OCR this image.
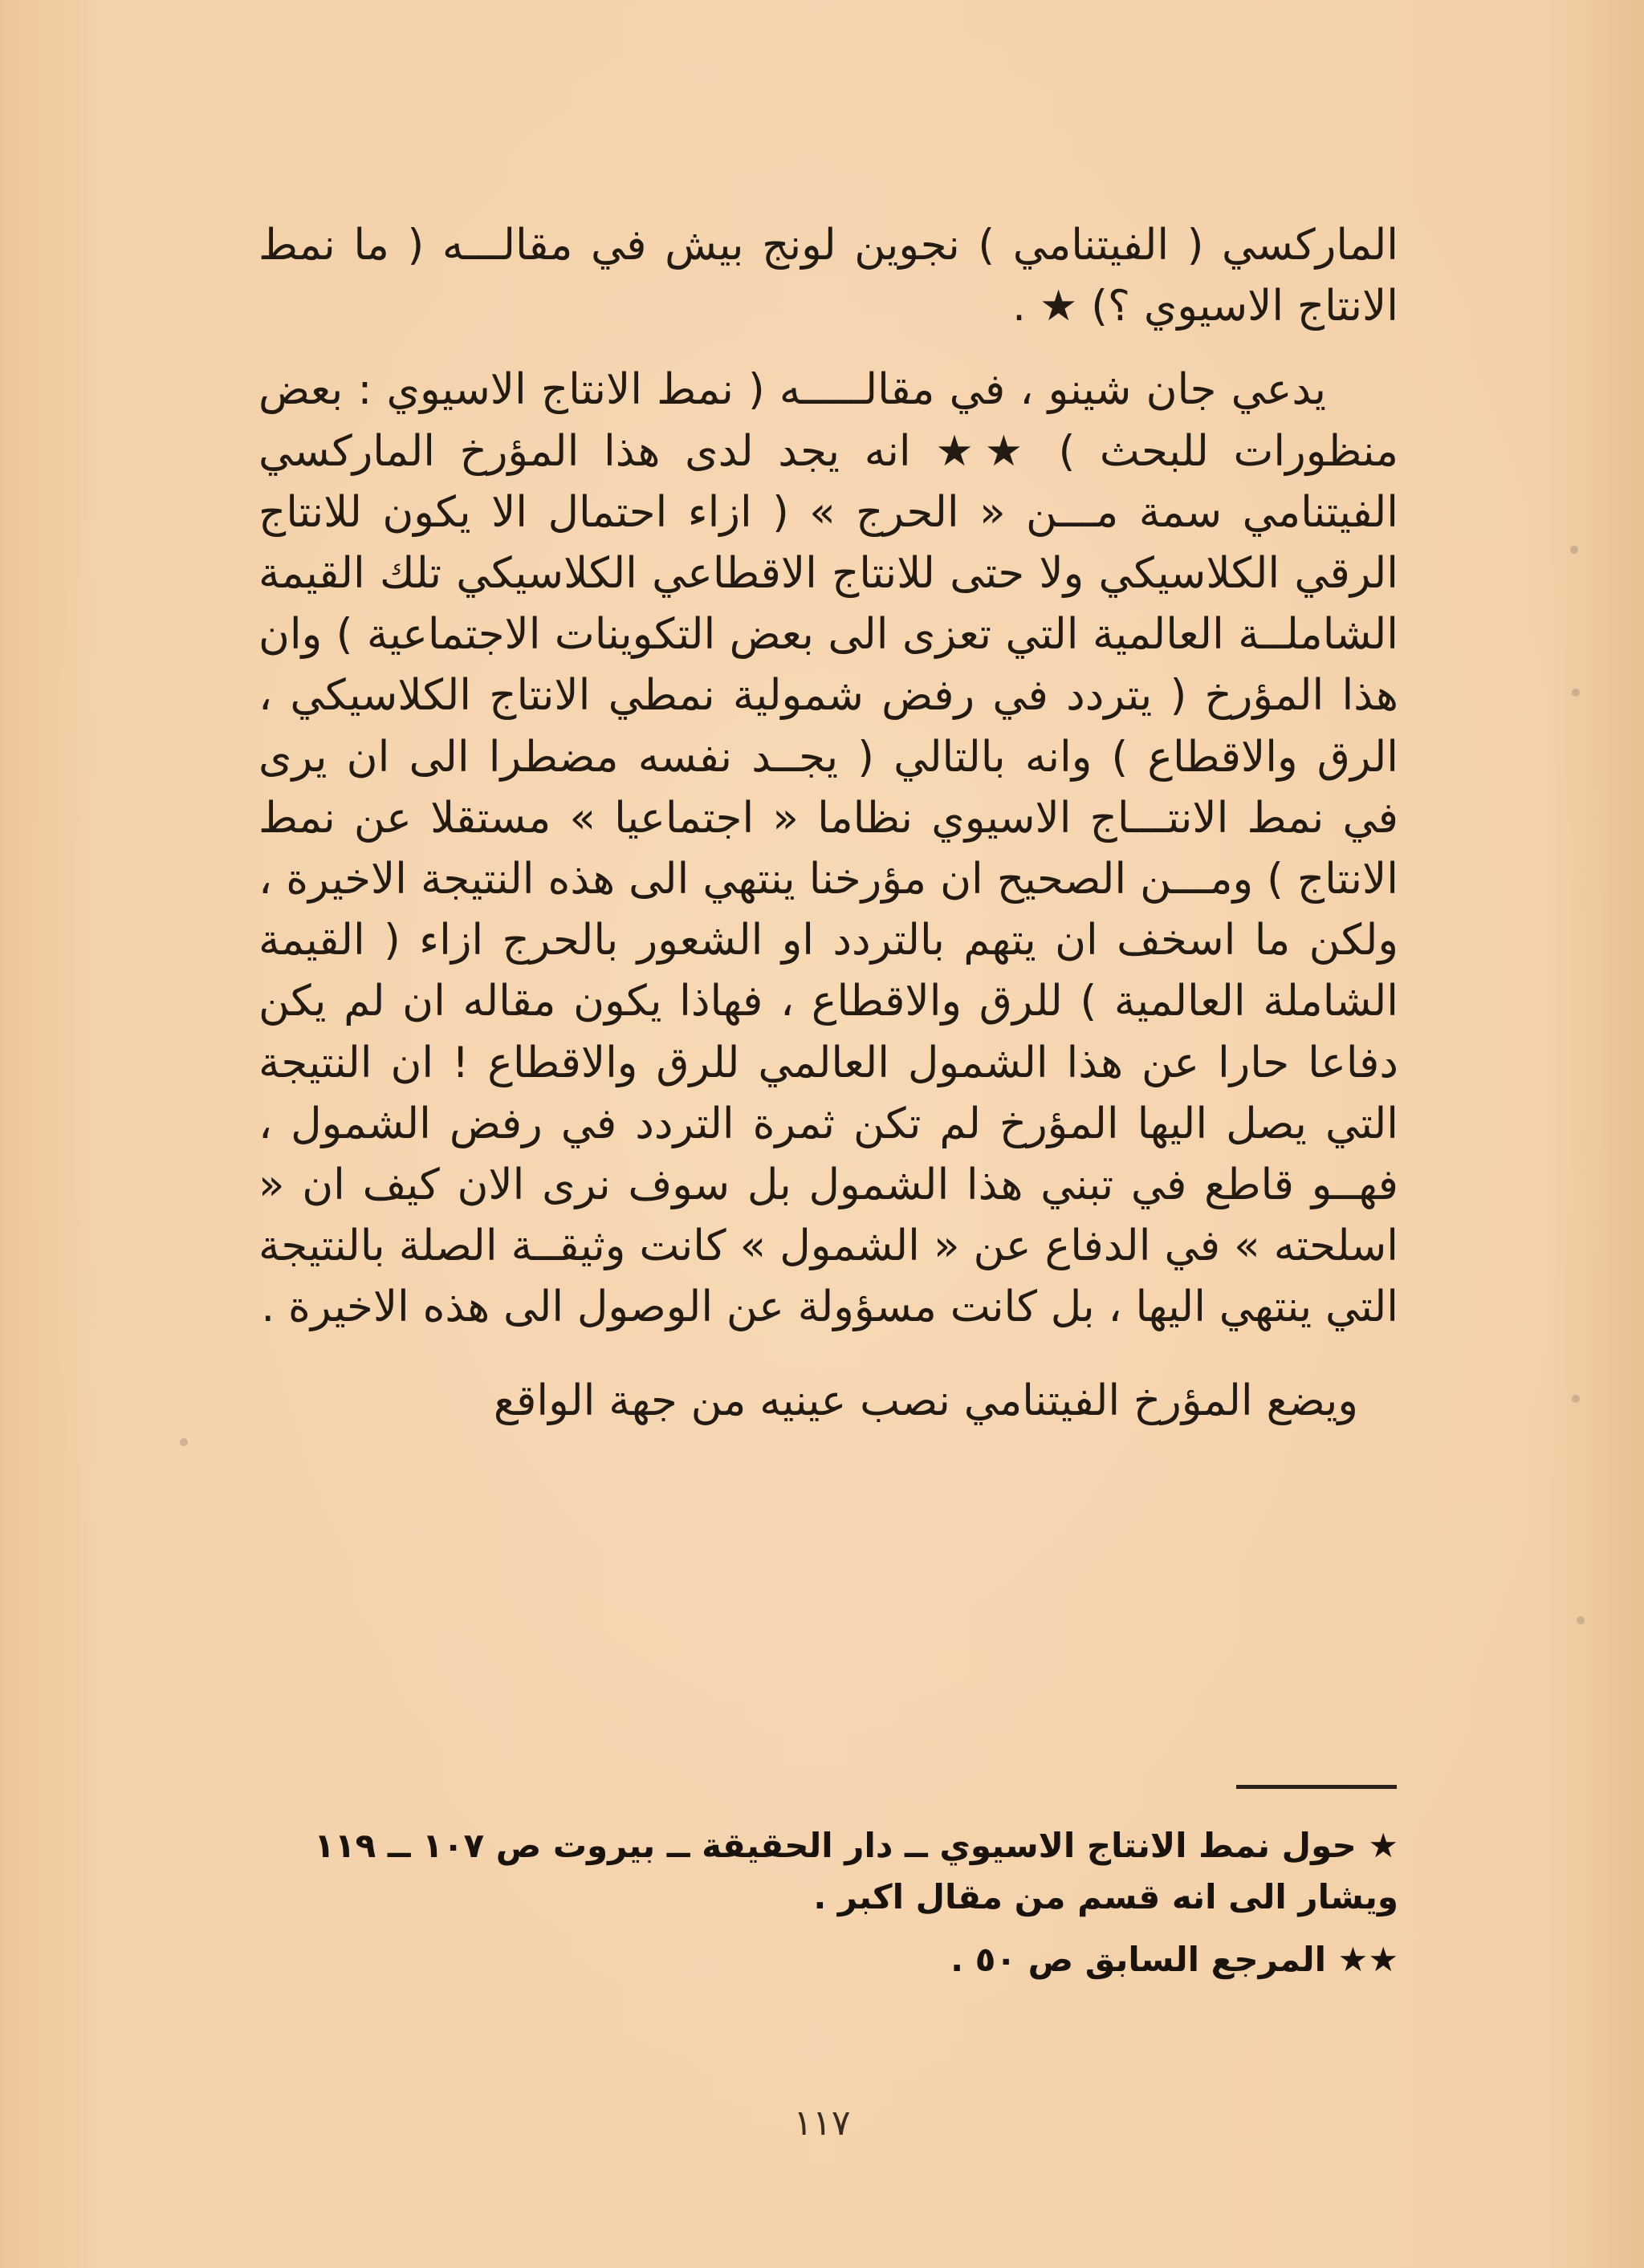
الماركسي ( الفيتنامي ) نجوين لونج بيش في مقالـــه ( ما نمط الانتاج الاسيوي ؟) ★ .

يدعي جان شينو ، في مقالـــــه ( نمط الانتاج الاسيوي : بعض منظورات للبحث ) ★★ انه يجد لدى هذا المؤرخ الماركسي الفيتنامي سمة مـــن « الحرج » ( ازاء احتمال الا يكون للانتاج الرقي الكلاسيكي ولا حتى للانتاج الاقطاعي الكلاسيكي تلك القيمة الشاملــة العالمية التي تعزى الى بعض التكوينات الاجتماعية ) وان هذا المؤرخ ( يتردد في رفض شمولية نمطي الانتاج الكلاسيكي ، الرق والاقطاع ) وانه بالتالي ( يجــد نفسه مضطرا الى ان يرى في نمط الانتـــاج الاسيوي نظاما « اجتماعيا » مستقلا عن نمط الانتاج ) ومـــن الصحيح ان مؤرخنا ينتهي الى هذه النتيجة الاخيرة ، ولكن ما اسخف ان يتهم بالتردد او الشعور بالحرج ازاء ( القيمة الشاملة العالمية ) للرق والاقطاع ، فهاذا يكون مقاله ان لم يكن دفاعا حارا عن هذا الشمول العالمي للرق والاقطاع ! ان النتيجة التي يصل اليها المؤرخ لم تكن ثمرة التردد في رفض الشمول ، فهــو قاطع في تبني هذا الشمول بل سوف نرى الان كيف ان « اسلحته » في الدفاع عن « الشمول » كانت وثيقــة الصلة بالنتيجة التي ينتهي اليها ، بل كانت مسؤولة عن الوصول الى هذه الاخيرة .

ويضع المؤرخ الفيتنامي نصب عينيه من جهة الواقع

★ حول نمط الانتاج الاسيوي ــ دار الحقيقة ــ بيروت ص ١٠٧ ــ ١١٩ ويشار الى انه قسم من مقال اكبر .

★★ المرجع السابق ص ٥٠ .

١١٧
